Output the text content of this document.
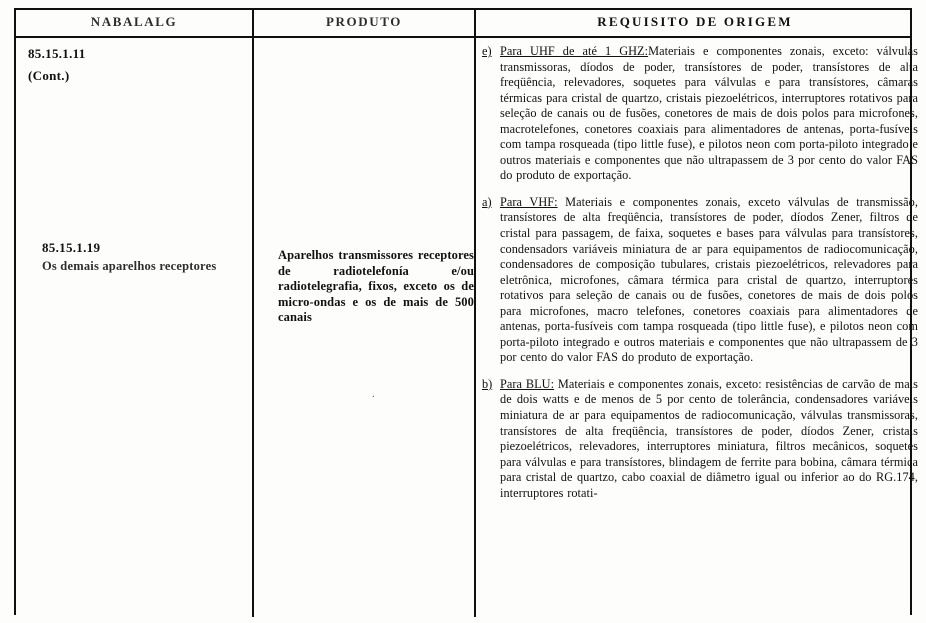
NABALALG	PRODUTO	REQUISITO DE ORIGEM
85.15.1.11
(Cont.)
85.15.1.19
Os demais aparelhos receptores
Aparelhos transmissores receptores de radiotelefonía e/ou radiotelegrafia, fixos, exceto os de micro-ondas e os de mais de 500 canais
.
e) Para UHF de até 1 GHZ:Materiais e componentes zonais, exceto: válvulas transmissoras, díodos de poder, transístores de poder, transístores de alta freqüência, relevadores, soquetes para válvulas e para transístores, câmaras térmicas para cristal de quartzo, cristais piezoelétricos, interruptores rotativos para seleção de canais ou de fusões, conetores de mais de dois polos para microfones, macrotelefones, conetores coaxiais para alimentadores de antenas, porta-fusíveis com tampa rosqueada (tipo little fuse), e pilotos neon com porta-piloto integrado e outros materiais e componentes que não ultrapassem de 3 por cento do valor FAS do produto de exportação.

a) Para VHF: Materiais e componentes zonais, exceto válvulas de transmissão, transístores de alta freqüência, transístores de poder, díodos Zener, filtros de cristal para passagem, de faixa, soquetes e bases para válvulas para transístores, condensadors variáveis miniatura de ar para equipamentos de radiocomunicação, condensadores de composição tubulares, cristais piezoelétricos, relevadores para eletrônica, microfones, câmara térmica para cristal de quartzo, interruptores rotativos para seleção de canais ou de fusões, conetores de mais de dois polos para microfones, macro telefones, conetores coaxiais para alimentadores de antenas, porta-fusíveis com tampa rosqueada (tipo little fuse), e pilotos neon com porta-piloto integrado e outros materiais e componentes que não ultrapassem de 3 por cento do valor FAS do produto de exportação.

b) Para BLU: Materiais e componentes zonais, exceto: resistências de carvão de mais de dois watts e de menos de 5 por cento de tolerância, condensadores variáveis miniatura de ar para equipamentos de radiocomunicação, válvulas transmissoras, transístores de alta freqüência, transístores de poder, díodos Zener, cristais piezoelétricos, relevadores, interruptores miniatura, filtros mecânicos, soquetes para válvulas e para transístores, blindagem de ferrite para bobina, câmara térmica para cristal de quartzo, cabo coaxial de diâmetro igual ou inferior ao do RG.174, interruptores rotati-
